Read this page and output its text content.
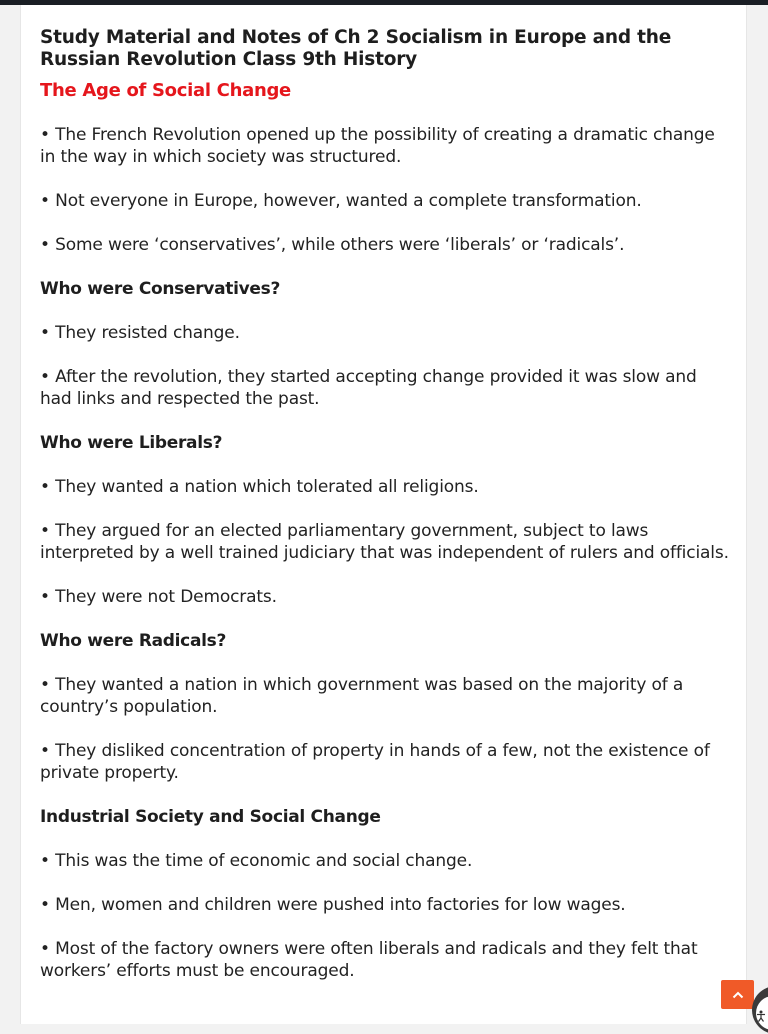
Study Material and Notes of Ch 2 Socialism in Europe and the Russian Revolution Class 9th History
The Age of Social Change

• The French Revolution opened up the possibility of creating a dramatic change in the way in which society was structured.

• Not everyone in Europe, however, wanted a complete transformation.

• Some were ‘conservatives’, while others were ‘liberals’ or ‘radicals’.

Who were Conservatives?

• They resisted change.

• After the revolution, they started accepting change provided it was slow and had links and respected the past.

Who were Liberals?

• They wanted a nation which tolerated all religions.

• They argued for an elected parliamentary government, subject to laws interpreted by a well trained judiciary that was independent of rulers and officials.

• They were not Democrats.

Who were Radicals?

• They wanted a nation in which government was based on the majority of a country’s population.

• They disliked concentration of property in hands of a few, not the existence of private property.

Industrial Society and Social Change

• This was the time of economic and social change.

• Men, women and children were pushed into factories for low wages.

• Most of the factory owners were often liberals and radicals and they felt that workers’ efforts must be encouraged.
